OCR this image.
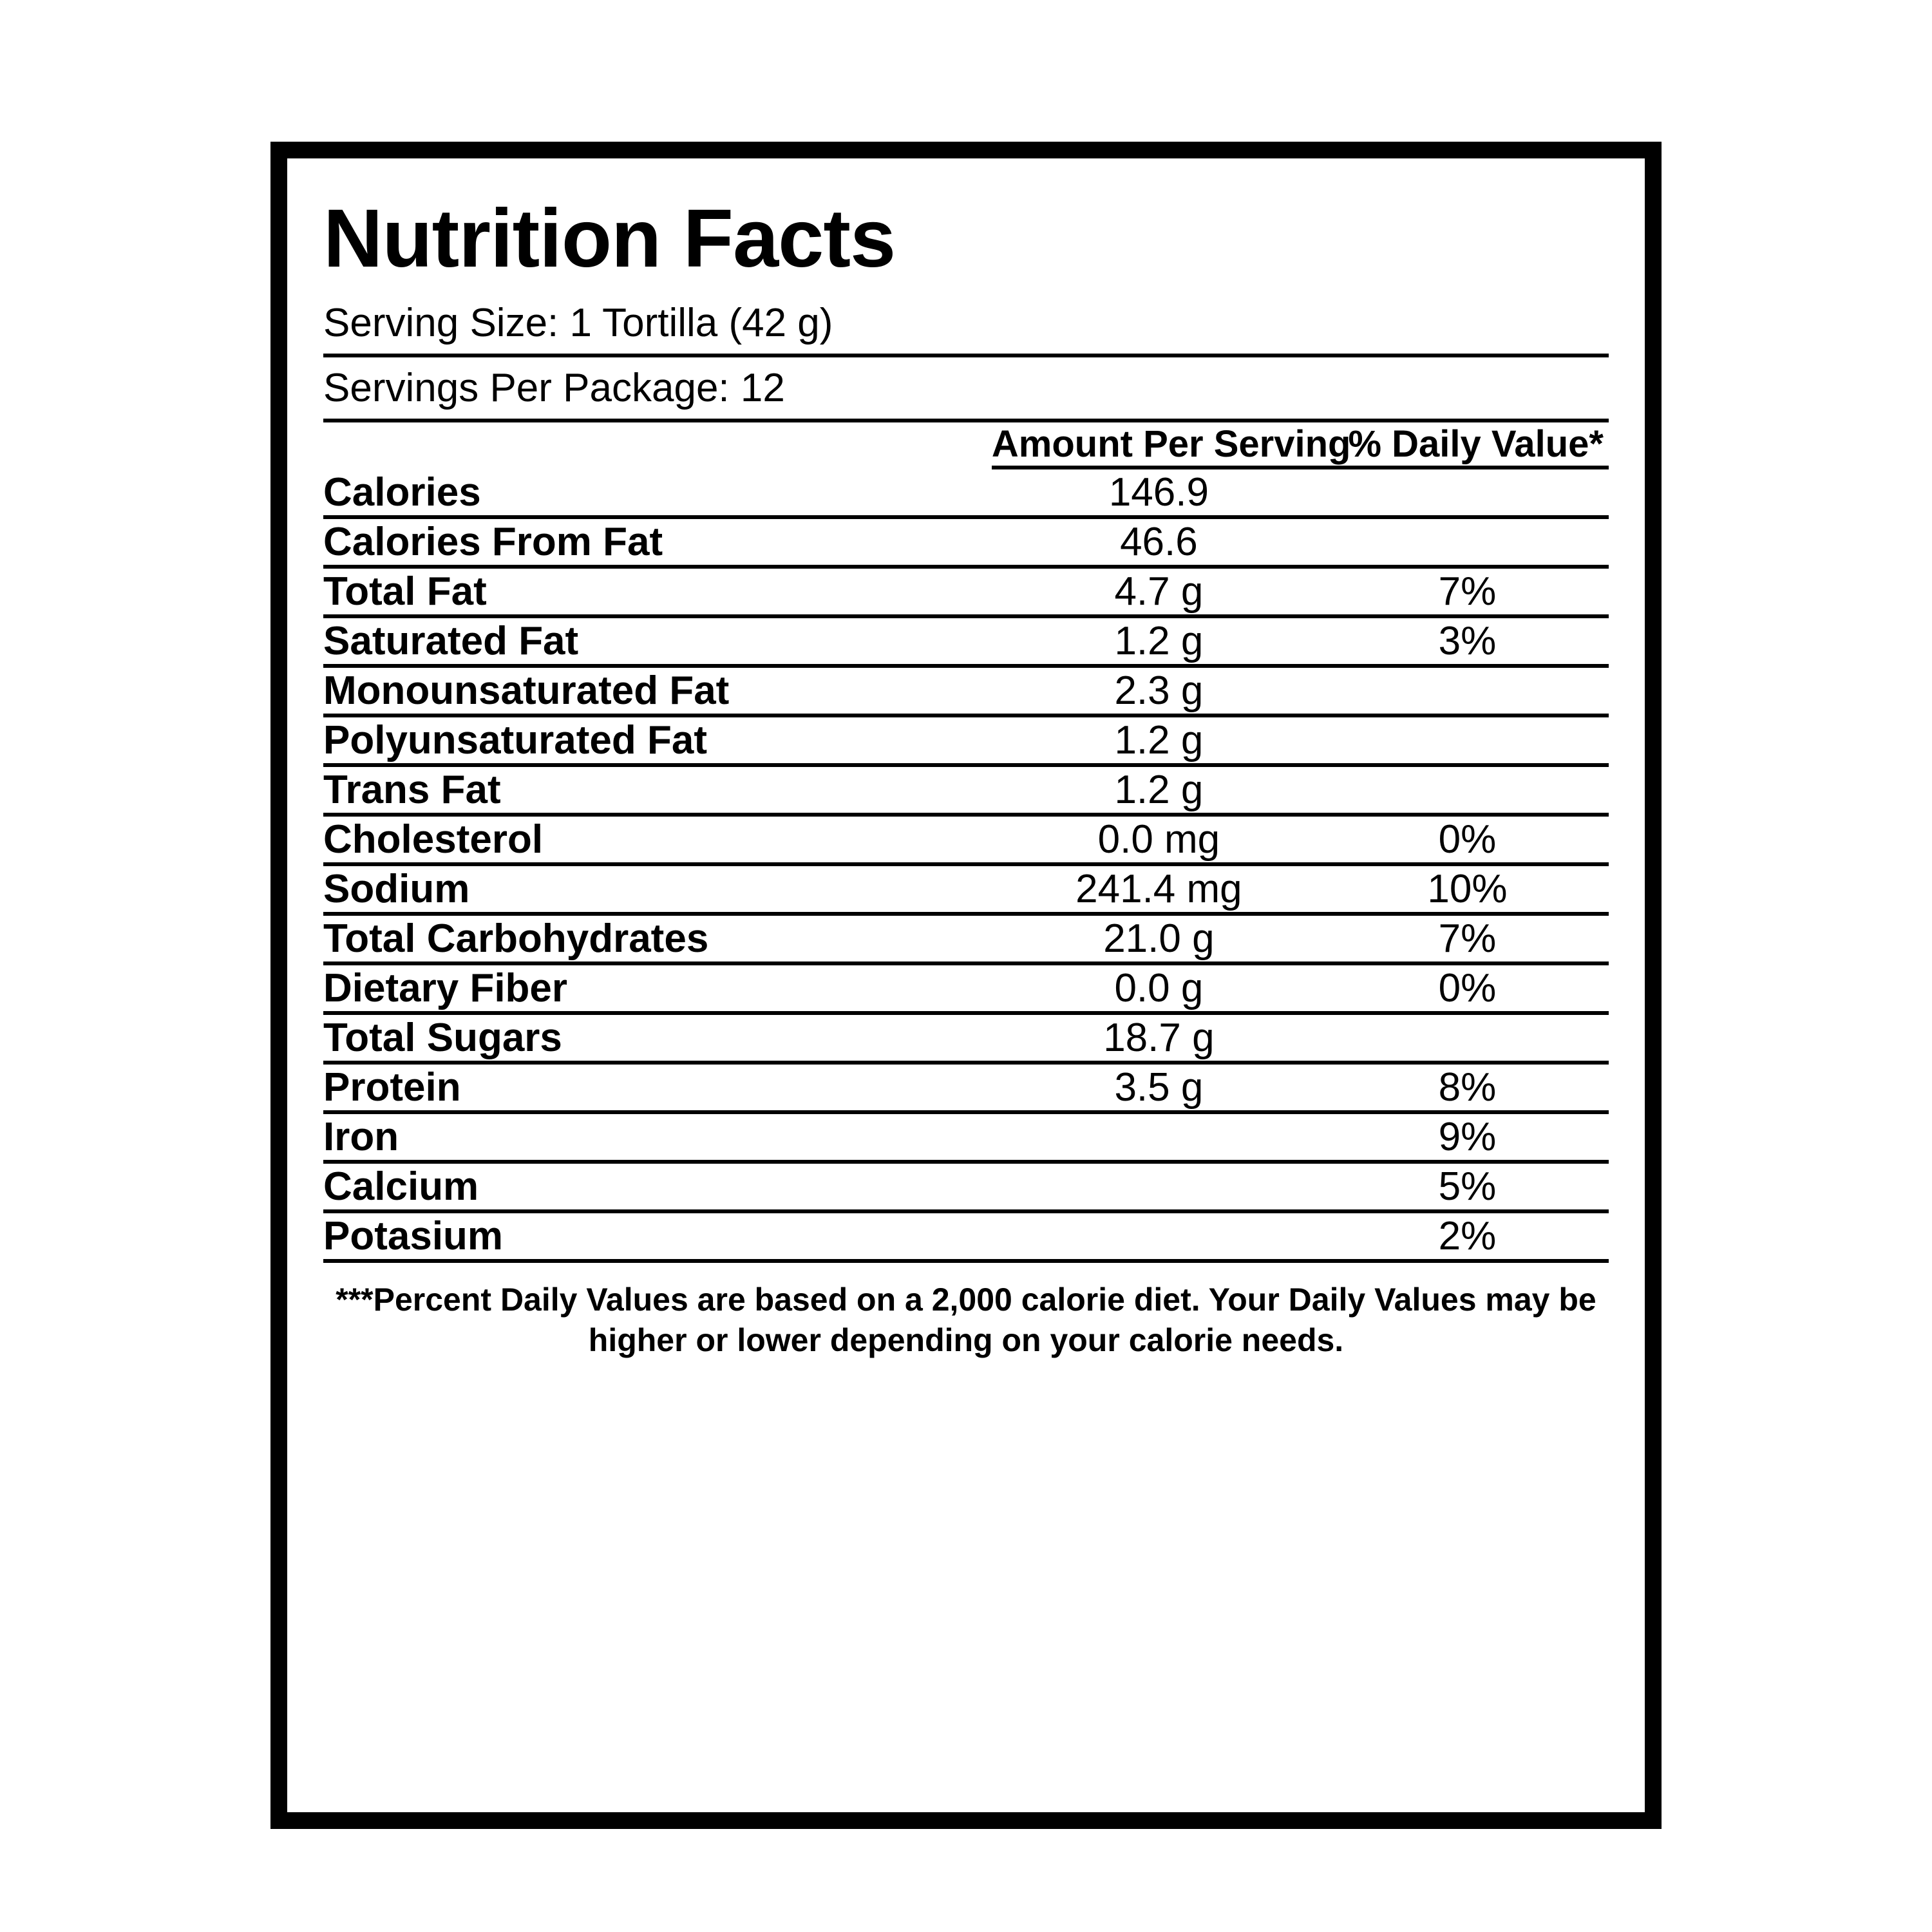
Nutrition Facts
Serving Size: 1 Tortilla (42 g)
Servings Per Package: 12
	Amount Per Serving	% Daily Value*
Calories	146.9	
Calories From Fat	46.6	
Total Fat	4.7 g	7%
Saturated Fat	1.2 g	3%
Monounsaturated Fat	2.3 g	
Polyunsaturated Fat	1.2 g	
Trans Fat	1.2 g	
Cholesterol	0.0 mg	0%
Sodium	241.4 mg	10%
Total Carbohydrates	21.0 g	7%
Dietary Fiber	0.0 g	0%
Total Sugars	18.7 g	
Protein	3.5 g	8%
Iron		9%
Calcium		5%
Potasium		2%
***Percent Daily Values are based on a 2,000 calorie diet. Your Daily Values may be higher or lower depending on your calorie needs.
